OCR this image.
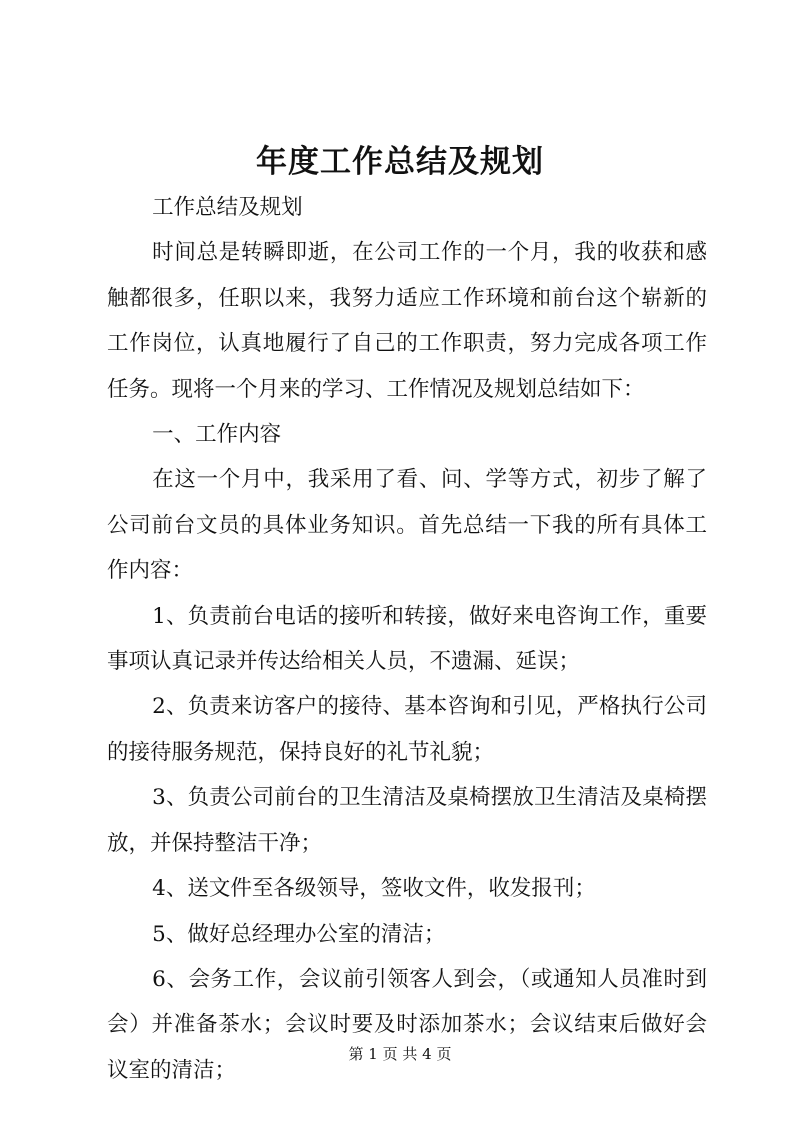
年度工作总结及规划

工作总结及规划

时间总是转瞬即逝，在公司工作的一个月，我的收获和感触都很多，任职以来，我努力适应工作环境和前台这个崭新的工作岗位，认真地履行了自己的工作职责，努力完成各项工作任务。现将一个月来的学习、工作情况及规划总结如下：

一、工作内容

在这一个月中，我采用了看、问、学等方式，初步了解了公司前台文员的具体业务知识。首先总结一下我的所有具体工作内容：

1、负责前台电话的接听和转接，做好来电咨询工作，重要事项认真记录并传达给相关人员，不遗漏、延误；

2、负责来访客户的接待、基本咨询和引见，严格执行公司的接待服务规范，保持良好的礼节礼貌；

3、负责公司前台的卫生清洁及桌椅摆放卫生清洁及桌椅摆放，并保持整洁干净；

4、送文件至各级领导，签收文件，收发报刊；

5、做好总经理办公室的清洁；

6、会务工作，会议前引领客人到会，（或通知人员准时到会）并准备茶水；会议时要及时添加茶水；会议结束后做好会议室的清洁；

第 1 页 共 4 页
